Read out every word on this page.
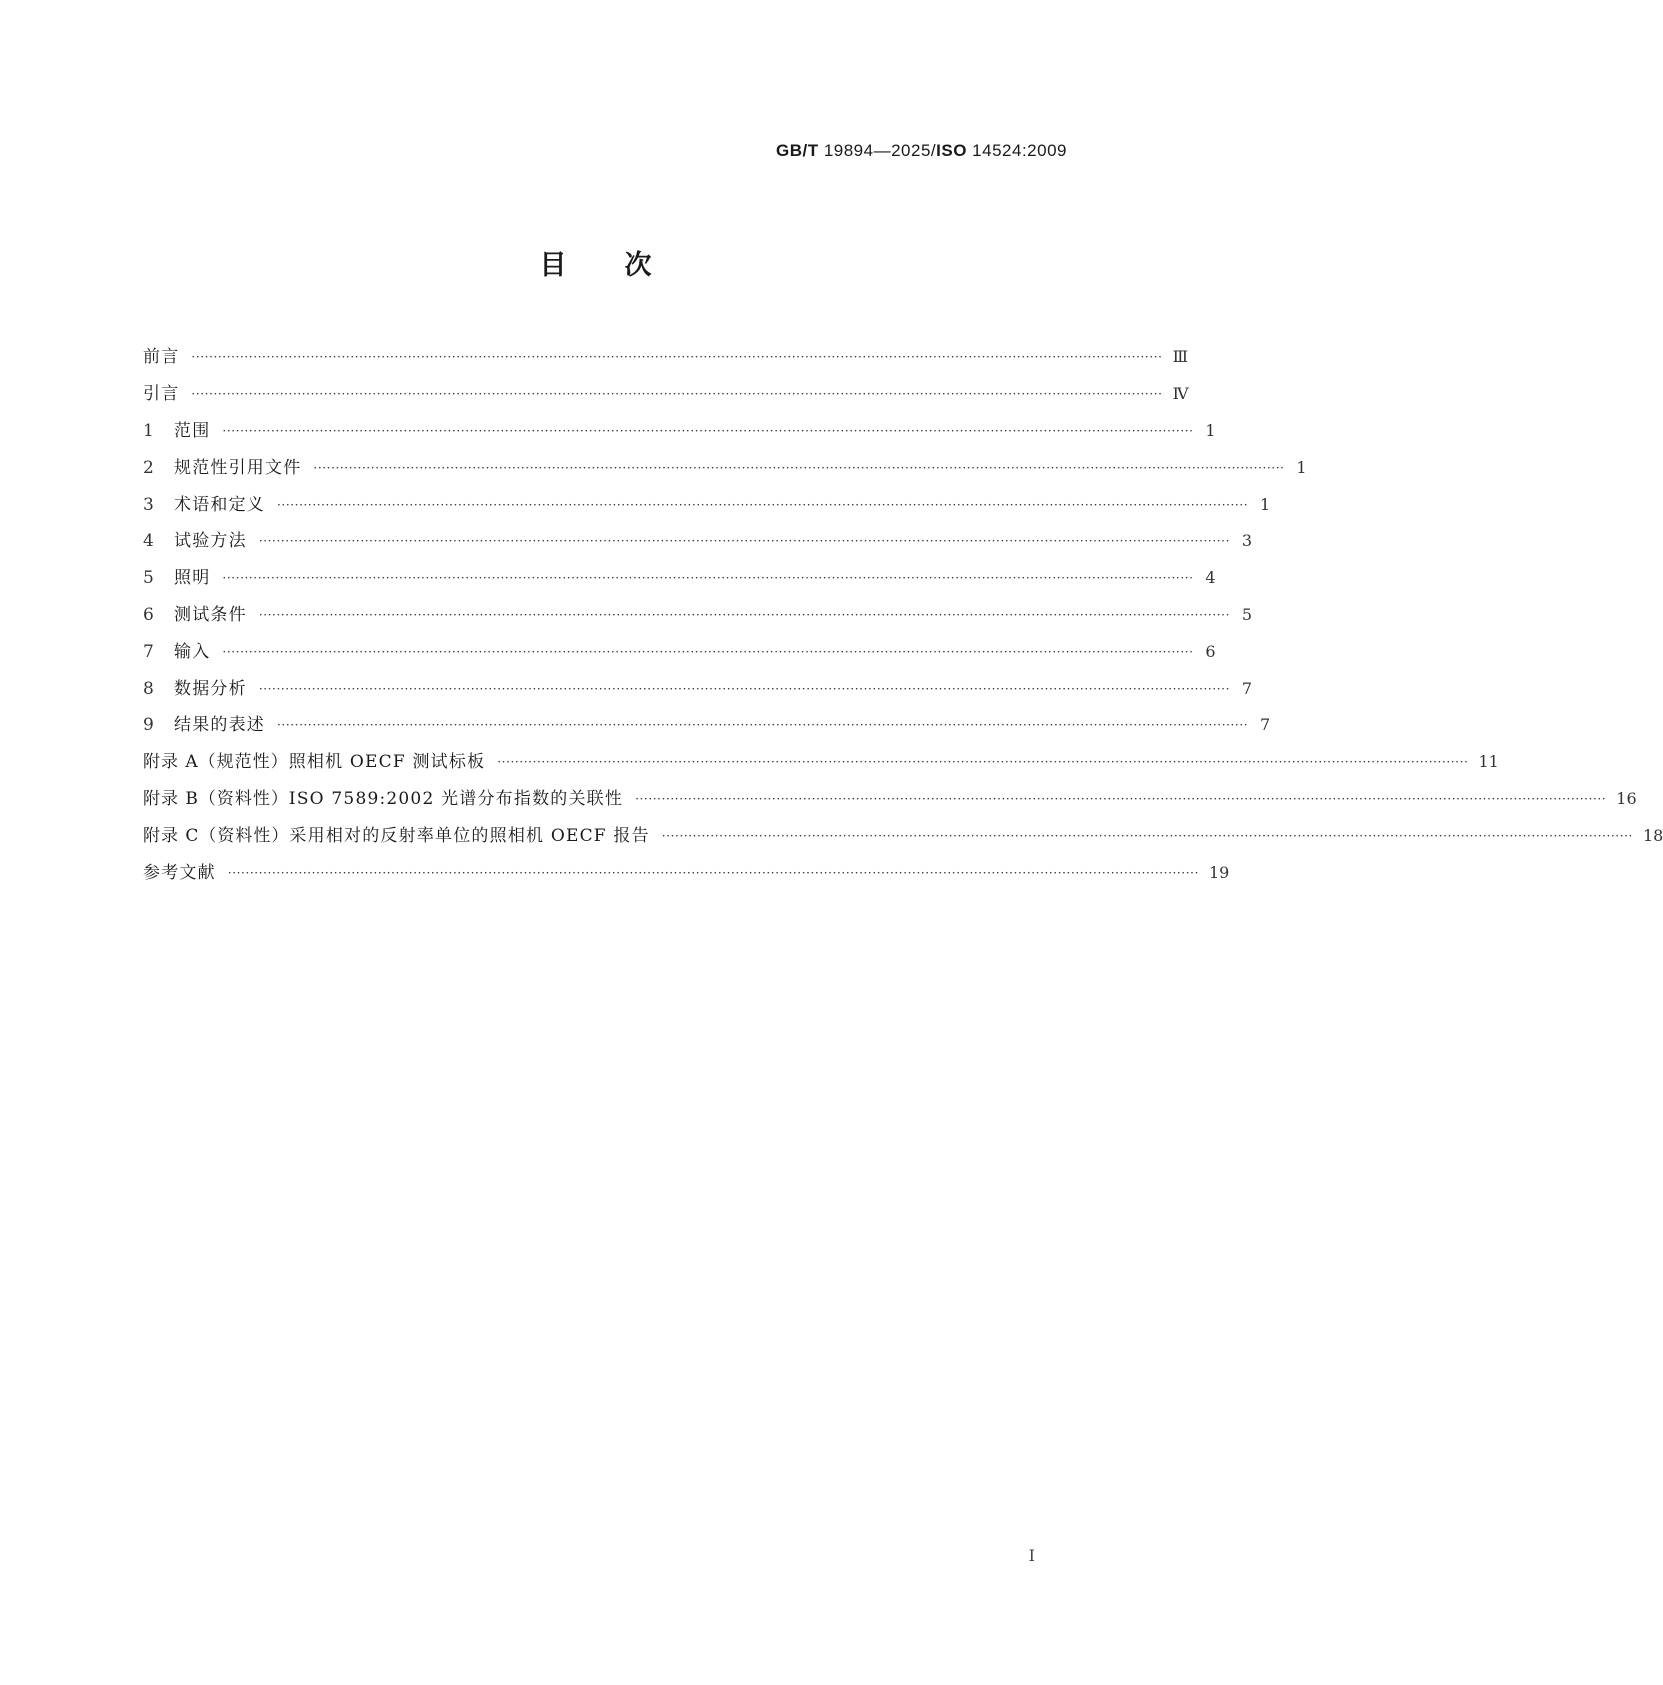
GB/T 19894—2025/ISO 14524:2009
目次
前言 ···························································································································································································································· Ⅲ
引言 ···························································································································································································································· Ⅳ
1	范围 ···························································································································································································································· 1
2	规范性引用文件 ···························································································································································································································· 1
3	术语和定义 ···························································································································································································································· 1
4	试验方法 ···························································································································································································································· 3
5	照明 ···························································································································································································································· 4
6	测试条件 ···························································································································································································································· 5
7	输入 ···························································································································································································································· 6
8	数据分析 ···························································································································································································································· 7
9	结果的表述 ···························································································································································································································· 7
附录 A（规范性） 照相机 OECF 测试标板 ···························································································································································································································· 11
附录 B（资料性） ISO 7589:2002 光谱分布指数的关联性 ···························································································································································································································· 16
附录 C（资料性） 采用相对的反射率单位的照相机 OECF 报告 ···························································································································································································································· 18
参考文献 ···························································································································································································································· 19
Ⅰ
